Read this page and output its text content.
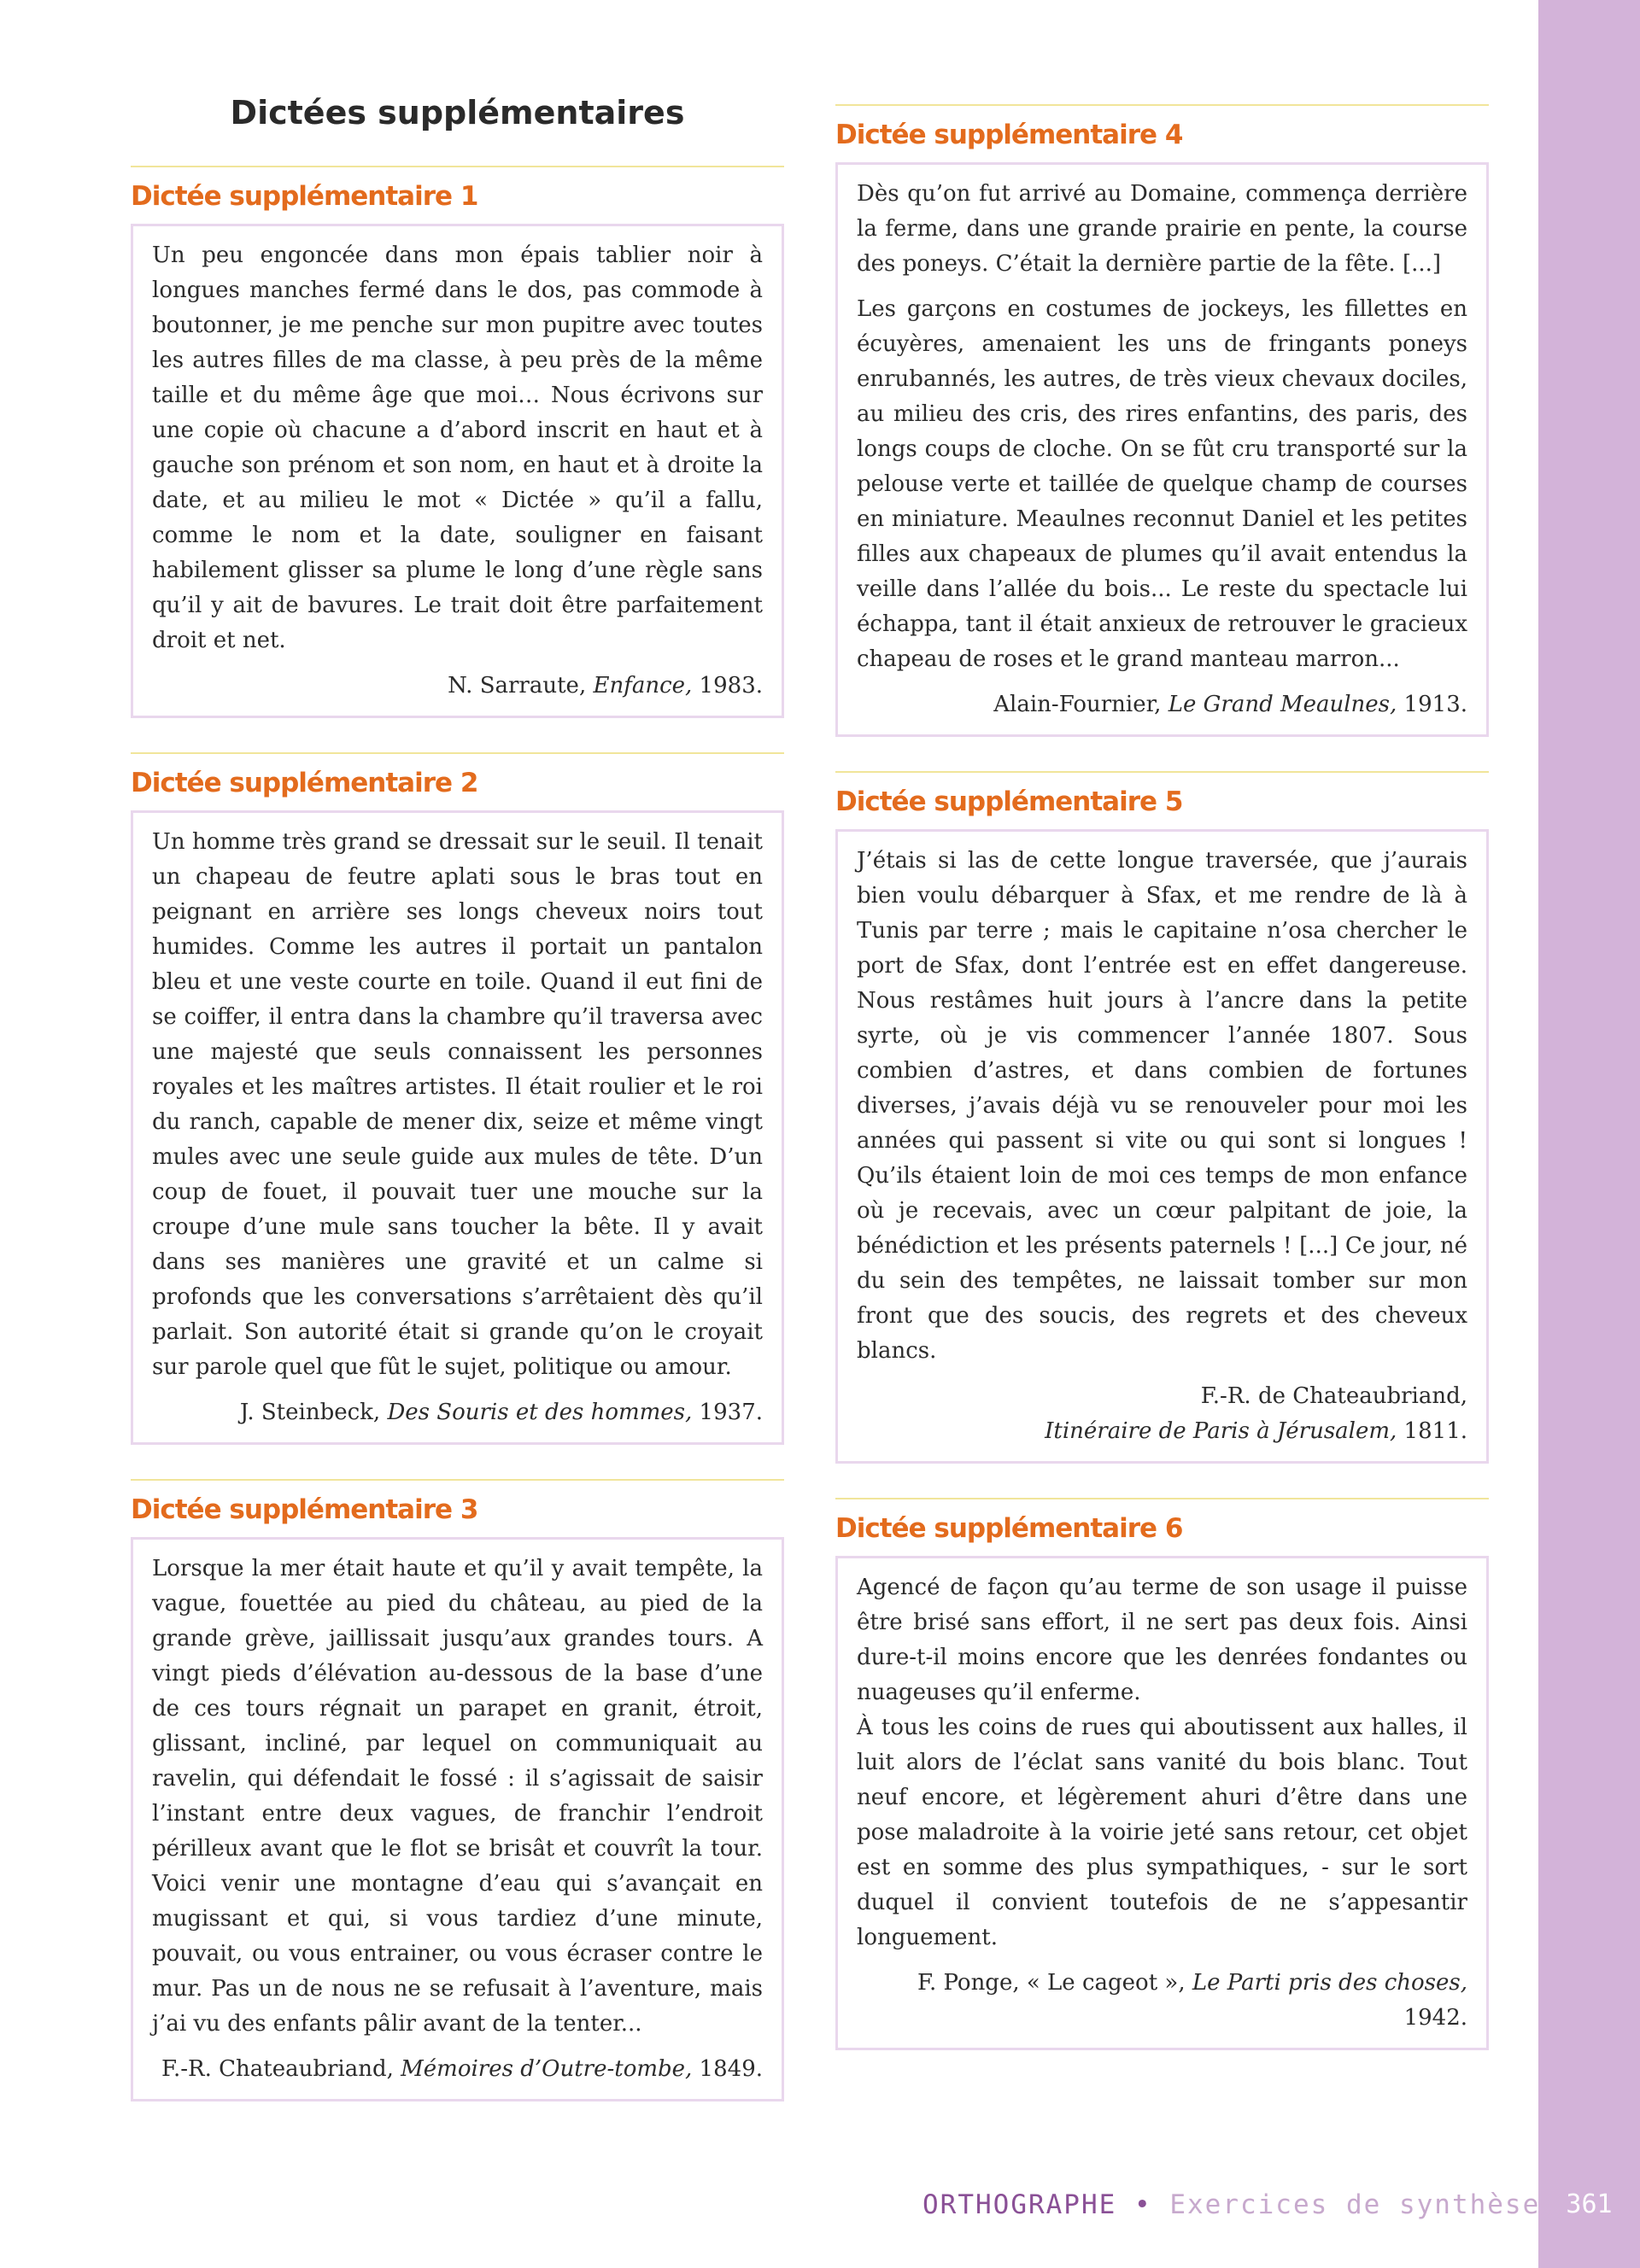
Dictées supplémentaires
Dictée supplémentaire 1

Un peu engoncée dans mon épais tablier noir à longues manches fermé dans le dos, pas commode à boutonner, je me penche sur mon pupitre avec toutes les autres filles de ma classe, à peu près de la même taille et du même âge que moi… Nous écrivons sur une copie où chacune a d’abord inscrit en haut et à gauche son prénom et son nom, en haut et à droite la date, et au milieu le mot « Dictée » qu’il a fallu, comme le nom et la date, souligner en faisant habilement glisser sa plume le long d’une règle sans qu’il y ait de bavures. Le trait doit être parfaitement droit et net.

N. Sarraute, Enfance, 1983.
Dictée supplémentaire 2

Un homme très grand se dressait sur le seuil. Il tenait un chapeau de feutre aplati sous le bras tout en peignant en arrière ses longs cheveux noirs tout humides. Comme les autres il portait un pantalon bleu et une veste courte en toile. Quand il eut fini de se coiffer, il entra dans la chambre qu’il traversa avec une majesté que seuls connaissent les personnes royales et les maîtres artistes. Il était roulier et le roi du ranch, capable de mener dix, seize et même vingt mules avec une seule guide aux mules de tête. D’un coup de fouet, il pouvait tuer une mouche sur la croupe d’une mule sans toucher la bête. Il y avait dans ses manières une gravité et un calme si profonds que les conversations s’arrêtaient dès qu’il parlait. Son autorité était si grande qu’on le croyait sur parole quel que fût le sujet, politique ou amour.

J. Steinbeck, Des Souris et des hommes, 1937.
Dictée supplémentaire 3

Lorsque la mer était haute et qu’il y avait tempête, la vague, fouettée au pied du château, au pied de la grande grève, jaillissait jusqu’aux grandes tours. A vingt pieds d’élévation au-dessous de la base d’une de ces tours régnait un parapet en granit, étroit, glissant, incliné, par lequel on communiquait au ravelin, qui défendait le fossé : il s’agissait de saisir l’instant entre deux vagues, de franchir l’endroit périlleux avant que le flot se brisât et couvrît la tour. Voici venir une montagne d’eau qui s’avançait en mugissant et qui, si vous tardiez d’une minute, pouvait, ou vous entrainer, ou vous écraser contre le mur. Pas un de nous ne se refusait à l’aventure, mais j’ai vu des enfants pâlir avant de la tenter...

F.-R. Chateaubriand, Mémoires d’Outre-tombe, 1849.
Dictée supplémentaire 4

Dès qu’on fut arrivé au Domaine, commença derrière la ferme, dans une grande prairie en pente, la course des poneys. C’était la dernière partie de la fête. [...]

Les garçons en costumes de jockeys, les fillettes en écuyères, amenaient les uns de fringants poneys enrubannés, les autres, de très vieux chevaux dociles, au milieu des cris, des rires enfantins, des paris, des longs coups de cloche. On se fût cru transporté sur la pelouse verte et taillée de quelque champ de courses en miniature. Meaulnes reconnut Daniel et les petites filles aux chapeaux de plumes qu’il avait entendus la veille dans l’allée du bois... Le reste du spectacle lui échappa, tant il était anxieux de retrouver le gracieux chapeau de roses et le grand manteau marron...

Alain-Fournier, Le Grand Meaulnes, 1913.
Dictée supplémentaire 5

J’étais si las de cette longue traversée, que j’aurais bien voulu débarquer à Sfax, et me rendre de là à Tunis par terre ; mais le capitaine n’osa chercher le port de Sfax, dont l’entrée est en effet dangereuse. Nous restâmes huit jours à l’ancre dans la petite syrte, où je vis commencer l’année 1807. Sous combien d’astres, et dans combien de fortunes diverses, j’avais déjà vu se renouveler pour moi les années qui passent si vite ou qui sont si longues ! Qu’ils étaient loin de moi ces temps de mon enfance où je recevais, avec un cœur palpitant de joie, la bénédiction et les présents paternels ! [...] Ce jour, né du sein des tempêtes, ne laissait tomber sur mon front que des soucis, des regrets et des cheveux blancs.

F.-R. de Chateaubriand,
Itinéraire de Paris à Jérusalem, 1811.
Dictée supplémentaire 6

Agencé de façon qu’au terme de son usage il puisse être brisé sans effort, il ne sert pas deux fois. Ainsi dure-t-il moins encore que les denrées fondantes ou nuageuses qu’il enferme.

À tous les coins de rues qui aboutissent aux halles, il luit alors de l’éclat sans vanité du bois blanc. Tout neuf encore, et légèrement ahuri d’être dans une pose maladroite à la voirie jeté sans retour, cet objet est en somme des plus sympathiques, - sur le sort duquel il convient toutefois de ne s’appesantir longuement.

F. Ponge, « Le cageot », Le Parti pris des choses, 1942.
ORTHOGRAPHE • Exercices de synthèse	361
